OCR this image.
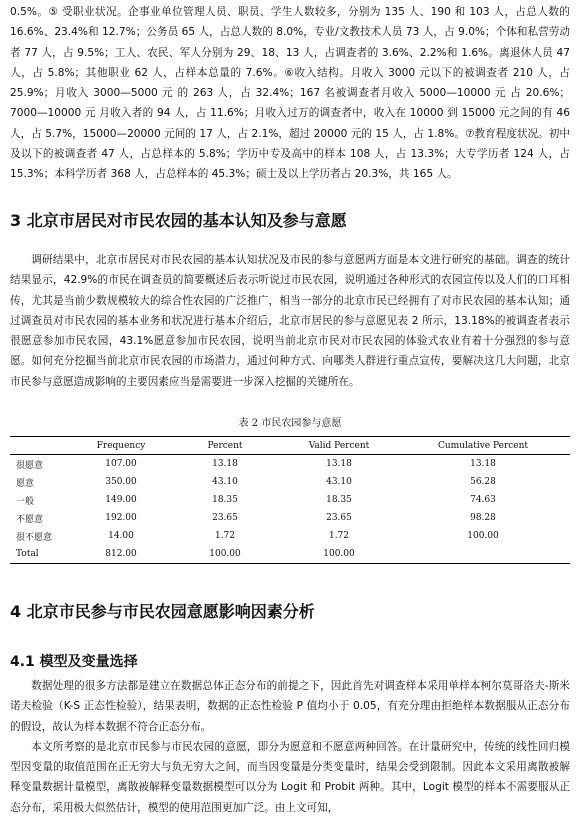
0.5%。⑤ 受职业状况。企事业单位管理人员、职员、学生人数较多，分别为 135 人、190 和 103 人，占总人数的 16.6%、23.4%和 12.7%；公务员 65 人，占总人数的 8.0%，专业/文教技术人员 73 人，占 9.0%；个体和私营劳动者 77 人，占 9.5%；工人、农民、军人分别为 29、18、13 人，占调查者的 3.6%、2.2%和 1.6%。离退休人员 47 人，占 5.8%；其他职业 62 人，占样本总量的 7.6%。⑥收入结构。月收入 3000 元以下的被调查者 210 人，占 25.9%；月收入 3000—5000 元 的 263 人，占 32.4%；167 名被调查者月收入 5000—10000 元 占 20.6%；7000—10000 元 月收入者的 94 人，占 11.6%；月收入过万的调查者中，收入在 10000 到 15000 元之间的有 46 人，占 5.7%，15000—20000 元间的 17 人，占 2.1%，超过 20000 元的 15 人，占 1.8%。⑦教育程度状况。初中及以下的被调查者 47 人，占总样本的 5.8%；学历中专及高中的样本 108 人，占 13.3%；大专学历者 124 人，占 15.3%；本科学历者 368 人，占总样本的 45.3%；硕士及以上学历者占 20.3%，共 165 人。

3 北京市居民对市民农园的基本认知及参与意愿

调研结果中，北京市居民对市民农园的基本认知状况及市民的参与意愿两方面是本文进行研究的基础。调查的统计结果显示，42.9%的市民在调查员的简要概述后表示听说过市民农园，说明通过各种形式的农园宣传以及人们的口耳相传，尤其是当前少数规模较大的综合性农园的广泛推广，相当一部分的北京市民已经拥有了对市民农园的基本认知；通过调查员对市民农园的基本业务和状况进行基本介绍后，北京市居民的参与意愿见表 2 所示，13.18%的被调查者表示很愿意参加市民农园，43.1%愿意参加市民农园，说明当前北京市民对市民农园的体验式农业有着十分强烈的参与意愿。如何充分挖掘当前北京市民农园的市场潜力，通过何种方式、向哪类人群进行重点宣传，要解决这几大问题，北京市民参与意愿造成影响的主要因素应当是需要进一步深入挖掘的关键所在。

表 2 市民农园参与意愿

	Frequency	Percent	Valid Percent	Cumulative Percent
很愿意	107.00	13.18	13.18	13.18
愿意	350.00	43.10	43.10	56.28
一般	149.00	18.35	18.35	74.63
不愿意	192.00	23.65	23.65	98.28
很不愿意	14.00	1.72	1.72	100.00
Total	812.00	100.00	100.00	
4 北京市民参与市民农园意愿影响因素分析
4.1 模型及变量选择

数据处理的很多方法都是建立在数据总体正态分布的前提之下，因此首先对调查样本采用单样本柯尔莫哥洛夫-斯米诺夫检验（K-S 正态性检验），结果表明，数据的正态性检验 P 值均小于 0.05，有充分理由拒绝样本数据服从正态分布的假设，故认为样本数据不符合正态分布。

本文所考察的是北京市民参与市民农园的意愿，即分为愿意和不愿意两种回答。在计量研究中，传统的线性回归模型因变量的取值范围在正无穷大与负无穷大之间，而当因变量是分类变量时，结果会受到限制。因此本文采用离散被解释变量数据计量模型，离散被解释变量数据模型可以分为 Logit 和 Probit 两种。其中，Logit 模型的样本不需要服从正态分布，采用极大似然估计，模型的使用范围更加广泛。由上文可知，
